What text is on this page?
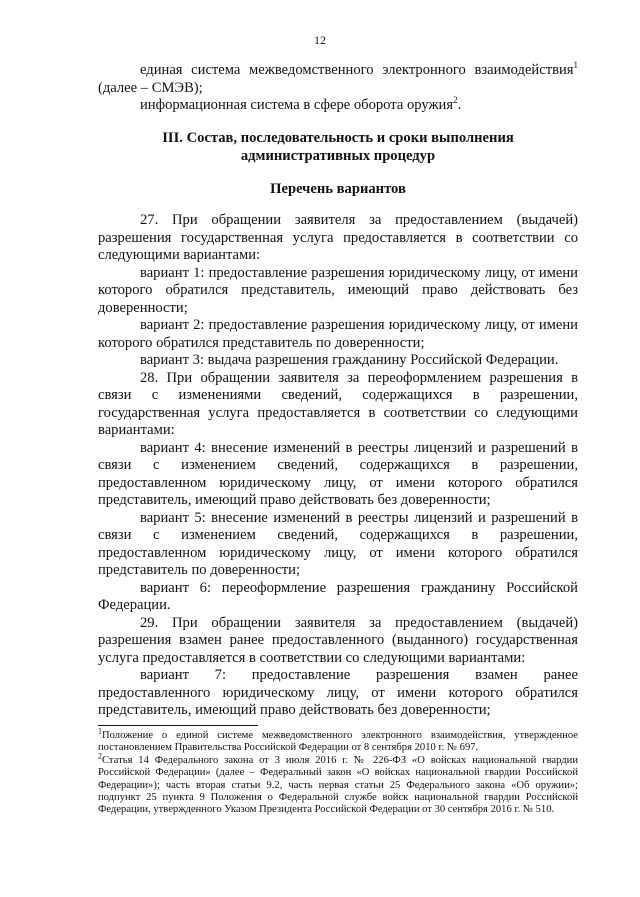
12

единая система межведомственного электронного взаимодействия$^1$ (далее – СМЭВ);

информационная система в сфере оборота оружия$^2$.

III. Состав, последовательность и сроки выполнения административных процедур

Перечень вариантов

27. При обращении заявителя за предоставлением (выдачей) разрешения государственная услуга предоставляется в соответствии со следующими вариантами:

вариант 1: предоставление разрешения юридическому лицу, от имени которого обратился представитель, имеющий право действовать без доверенности;

вариант 2: предоставление разрешения юридическому лицу, от имени которого обратился представитель по доверенности;

вариант 3: выдача разрешения гражданину Российской Федерации.

28. При обращении заявителя за переоформлением разрешения в связи с изменениями сведений, содержащихся в разрешении, государственная услуга предоставляется в соответствии со следующими вариантами:

вариант 4: внесение изменений в реестры лицензий и разрешений в связи с изменением сведений, содержащихся в разрешении, предоставленном юридическому лицу, от имени которого обратился представитель, имеющий право действовать без доверенности;

вариант 5: внесение изменений в реестры лицензий и разрешений в связи с изменением сведений, содержащихся в разрешении, предоставленном юридическому лицу, от имени которого обратился представитель по доверенности;

вариант 6: переоформление разрешения гражданину Российской Федерации.

29. При обращении заявителя за предоставлением (выдачей) разрешения взамен ранее предоставленного (выданного) государственная услуга предоставляется в соответствии со следующими вариантами:

вариант 7: предоставление разрешения взамен ранее предоставленного юридическому лицу, от имени которого обратился представитель, имеющий право действовать без доверенности;

$^1$Положение о единой системе межведомственного электронного взаимодействия, утвержденное постановлением Правительства Российской Федерации от 8 сентября 2010 г. № 697.

$^2$Статья 14 Федерального закона от 3 июля 2016 г. № 226-ФЗ «О войсках национальной гвардии Российской Федерации» (далее – Федеральный закон «О войсках национальной гвардии Российской Федерации»); часть вторая статьи 9.2, часть первая статьи 25 Федерального закона «Об оружии»; подпункт 25 пункта 9 Положения о Федеральной службе войск национальной гвардии Российской Федерации, утвержденного Указом Президента Российской Федерации от 30 сентября 2016 г. № 510.
